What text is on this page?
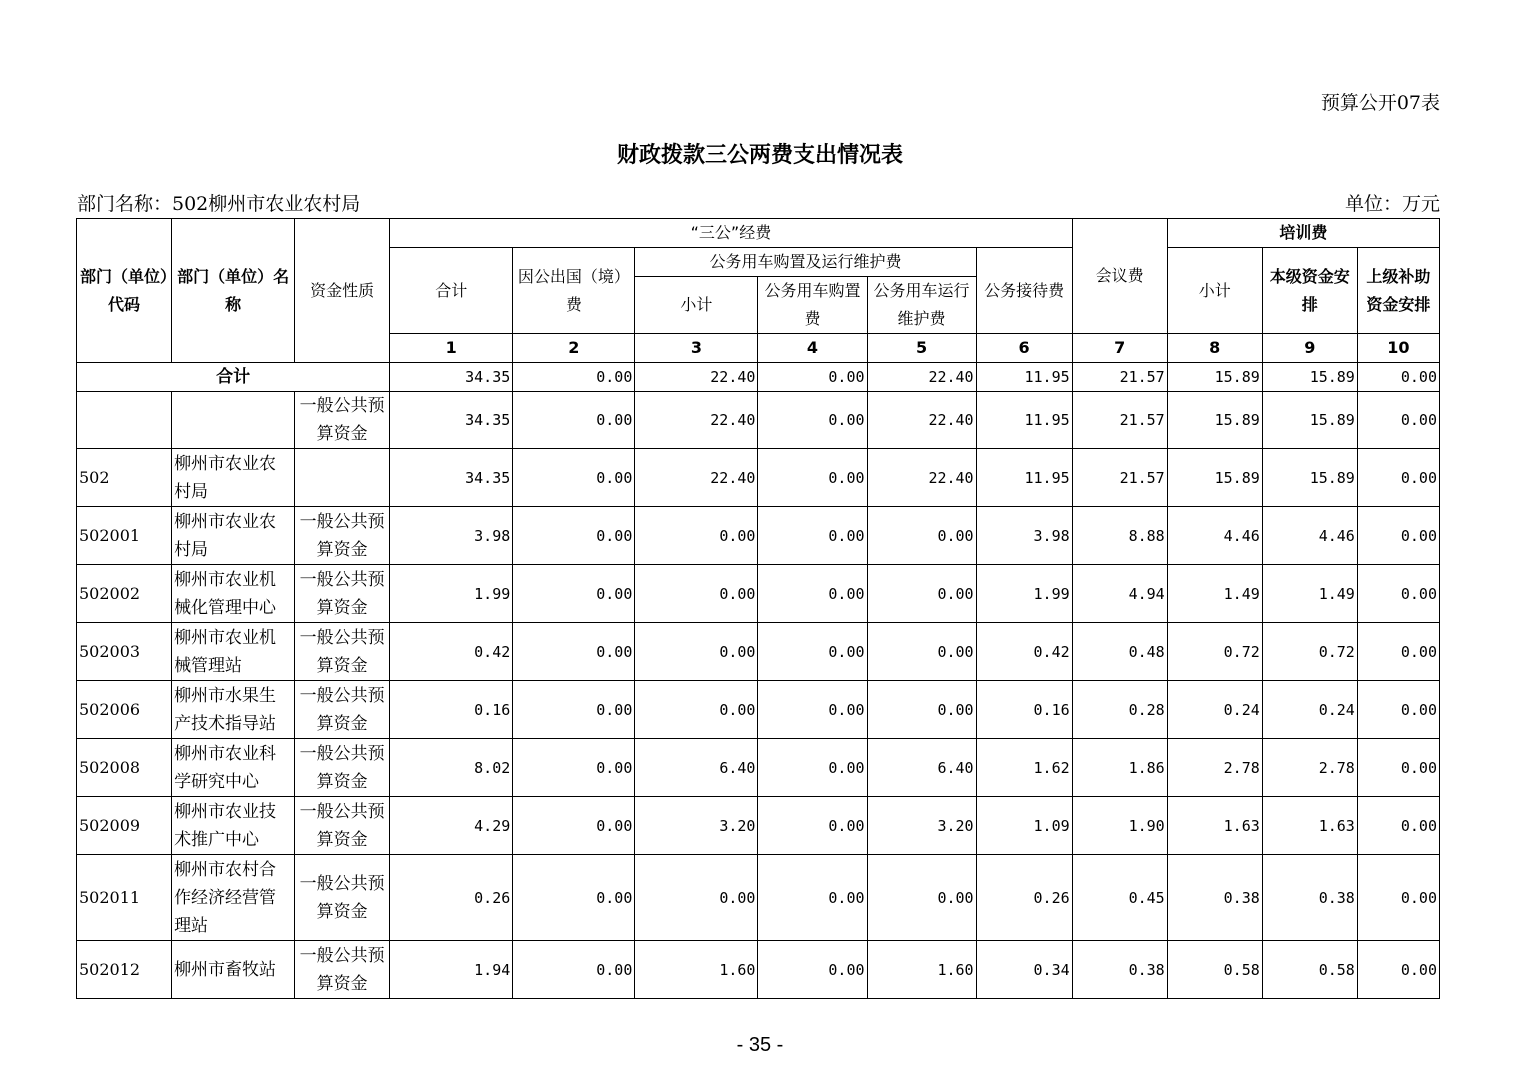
预算公开07表
财政拨款三公两费支出情况表
部门名称：502柳州市农业农村局	单位：万元
部门（单位）代码	部门（单位）名称	资金性质	“三公”经费						会议费	培训费		
			合计	因公出国（境）费	公务用车购置及运行维护费			公务接待费		小计	本级资金安排	上级补助资金安排
					小计	公务用车购置费	公务用车运行维护费					
			1	2	3	4	5	6	7	8	9	10
合计			34.35	0.00	22.40	0.00	22.40	11.95	21.57	15.89	15.89	0.00
		一般公共预算资金	34.35	0.00	22.40	0.00	22.40	11.95	21.57	15.89	15.89	0.00
502	柳州市农业农村局		34.35	0.00	22.40	0.00	22.40	11.95	21.57	15.89	15.89	0.00
502001	柳州市农业农村局	一般公共预算资金	3.98	0.00	0.00	0.00	0.00	3.98	8.88	4.46	4.46	0.00
502002	柳州市农业机械化管理中心	一般公共预算资金	1.99	0.00	0.00	0.00	0.00	1.99	4.94	1.49	1.49	0.00
502003	柳州市农业机械管理站	一般公共预算资金	0.42	0.00	0.00	0.00	0.00	0.42	0.48	0.72	0.72	0.00
502006	柳州市水果生产技术指导站	一般公共预算资金	0.16	0.00	0.00	0.00	0.00	0.16	0.28	0.24	0.24	0.00
502008	柳州市农业科学研究中心	一般公共预算资金	8.02	0.00	6.40	0.00	6.40	1.62	1.86	2.78	2.78	0.00
502009	柳州市农业技术推广中心	一般公共预算资金	4.29	0.00	3.20	0.00	3.20	1.09	1.90	1.63	1.63	0.00
502011	柳州市农村合作经济经营管理站	一般公共预算资金	0.26	0.00	0.00	0.00	0.00	0.26	0.45	0.38	0.38	0.00
502012	柳州市畜牧站	一般公共预算资金	1.94	0.00	1.60	0.00	1.60	0.34	0.38	0.58	0.58	0.00
- 35 -
